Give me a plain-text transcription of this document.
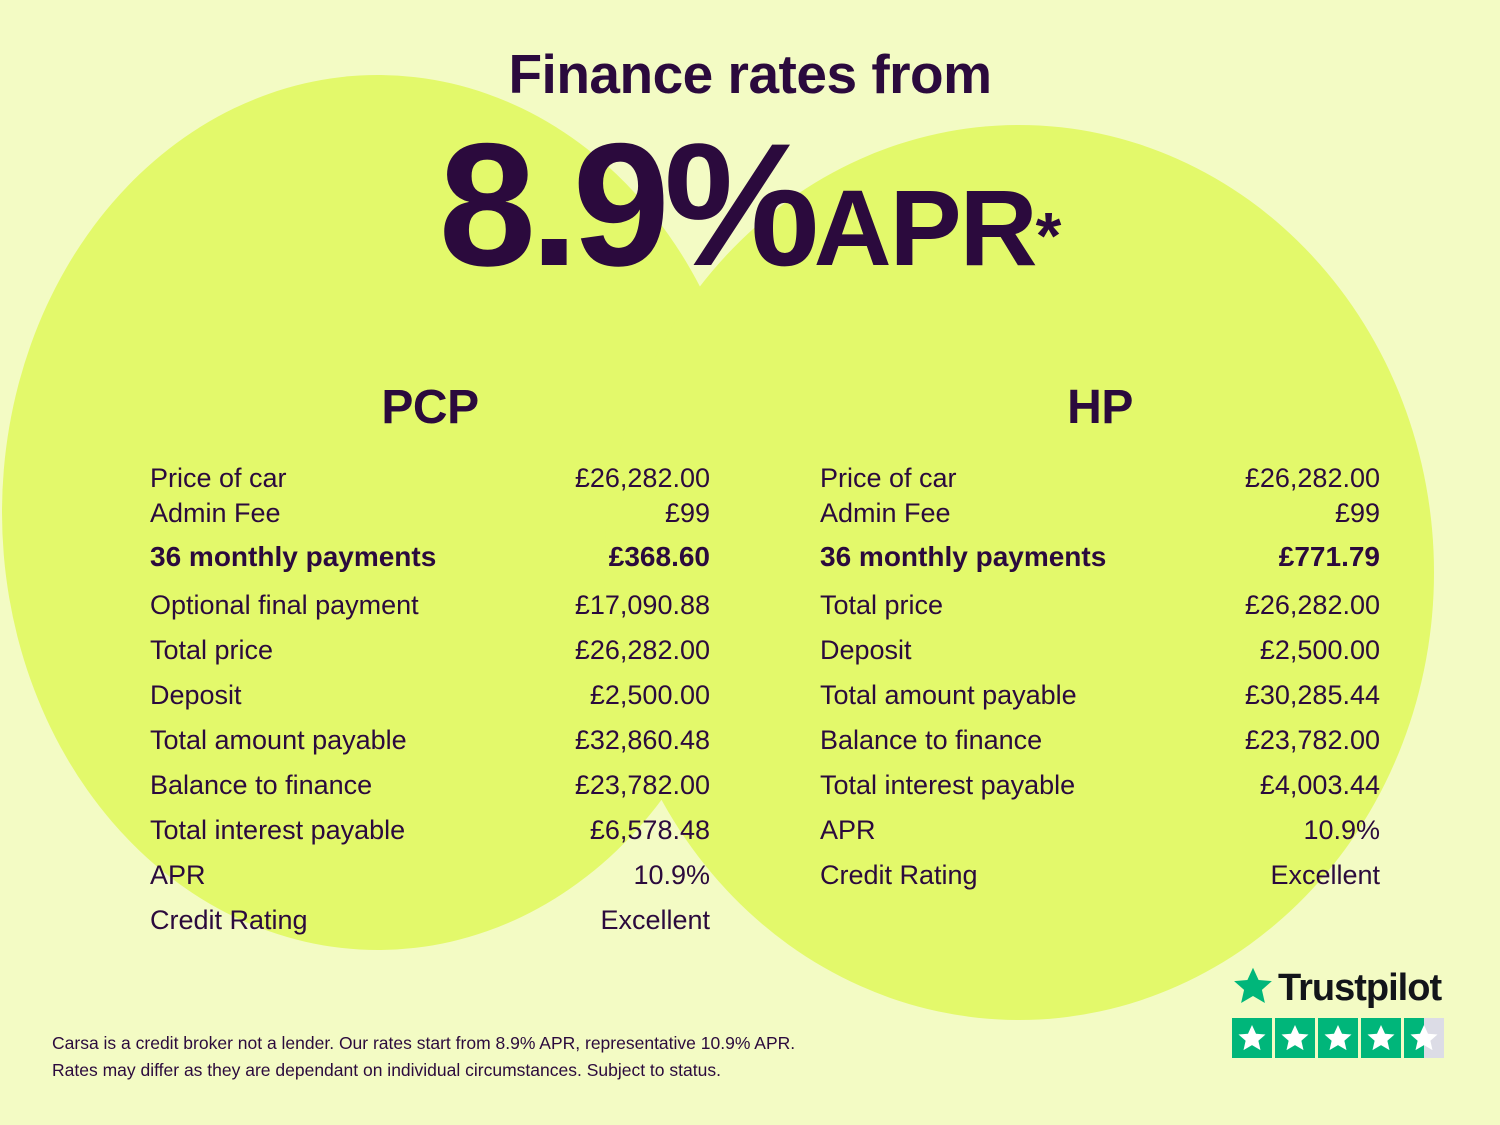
Finance rates from
8.9%APR*
PCP
Price of car	£26,282.00
Admin Fee	£99
36 monthly payments	£368.60
Optional final payment	£17,090.88
Total price	£26,282.00
Deposit	£2,500.00
Total amount payable	£32,860.48
Balance to finance	£23,782.00
Total interest payable	£6,578.48
APR	10.9%
Credit Rating	Excellent
HP
Price of car	£26,282.00
Admin Fee	£99
36 monthly payments	£771.79
Total price	£26,282.00
Deposit	£2,500.00
Total amount payable	£30,285.44
Balance to finance	£23,782.00
Total interest payable	£4,003.44
APR	10.9%
Credit Rating	Excellent
Carsa is a credit broker not a lender. Our rates start from 8.9% APR, representative 10.9% APR.
Rates may differ as they are dependant on individual circumstances. Subject to status.
Trustpilot
